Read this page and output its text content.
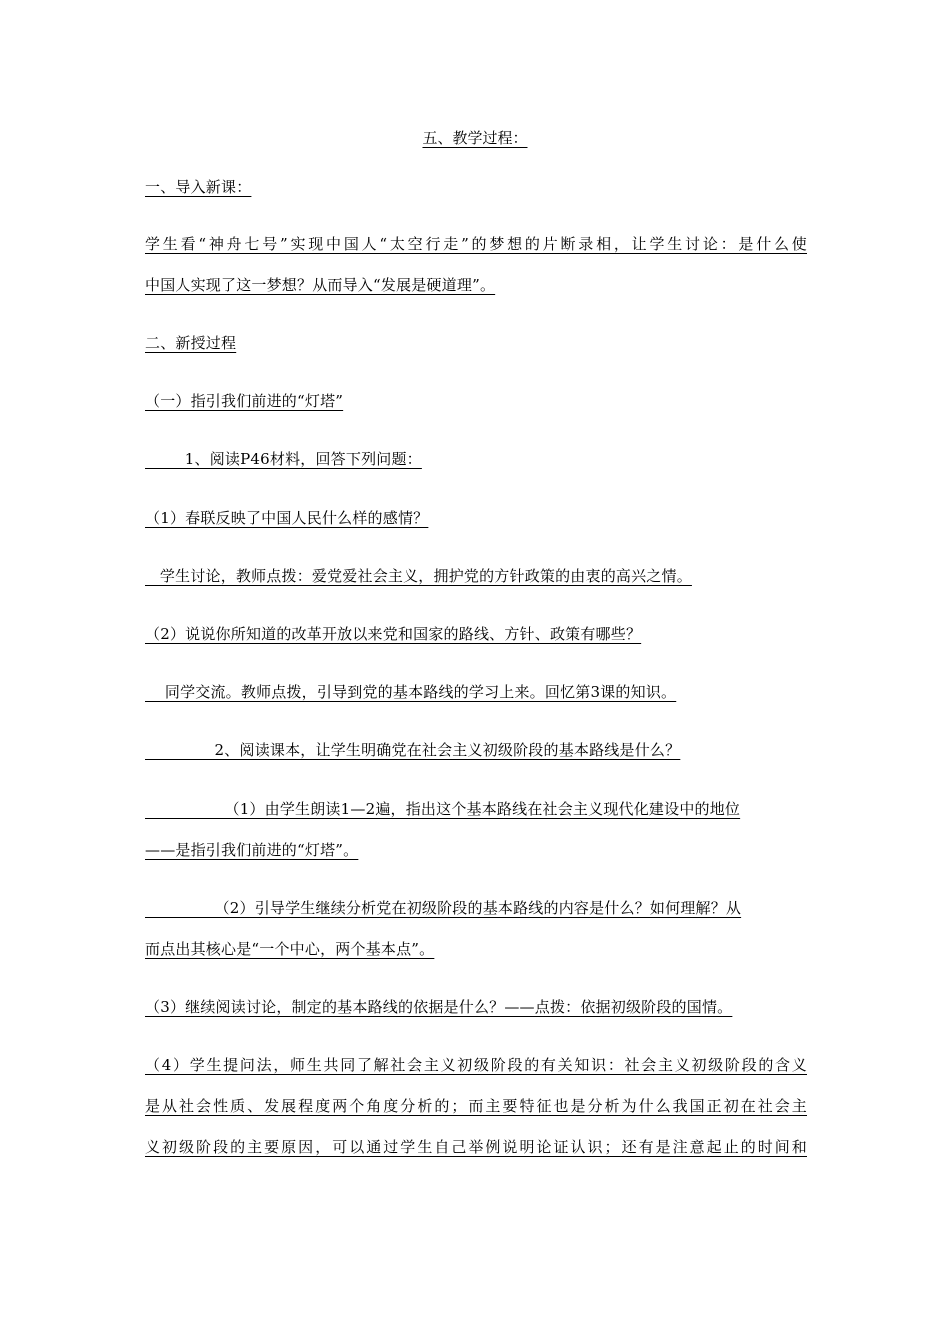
五、教学过程：
一、导入新课：
学生看“神舟七号”实现中国人“太空行走”的梦想的片断录相，让学生讨论：是什么使
中国人实现了这一梦想？从而导入“发展是硬道理”。
二、新授过程
（一）指引我们前进的“灯塔”
1、阅读P46材料，回答下列问题：
（1）春联反映了中国人民什么样的感情？
学生讨论，教师点拨：爱党爱社会主义，拥护党的方针政策的由衷的高兴之情。
（2）说说你所知道的改革开放以来党和国家的路线、方针、政策有哪些？
同学交流。教师点拨，引导到党的基本路线的学习上来。回忆第3课的知识。
2、阅读课本，让学生明确党在社会主义初级阶段的基本路线是什么？
（1）由学生朗读1—2遍，指出这个基本路线在社会主义现代化建设中的地位
——是指引我们前进的“灯塔”。
（2）引导学生继续分析党在初级阶段的基本路线的内容是什么？如何理解？从
而点出其核心是“一个中心，两个基本点”。
（3）继续阅读讨论，制定的基本路线的依据是什么？——点拨：依据初级阶段的国情。
（4）学生提问法，师生共同了解社会主义初级阶段的有关知识：社会主义初级阶段的含义
是从社会性质、发展程度两个角度分析的；而主要特征也是分析为什么我国正初在社会主
义初级阶段的主要原因，可以通过学生自己举例说明论证认识；还有是注意起止的时间和
